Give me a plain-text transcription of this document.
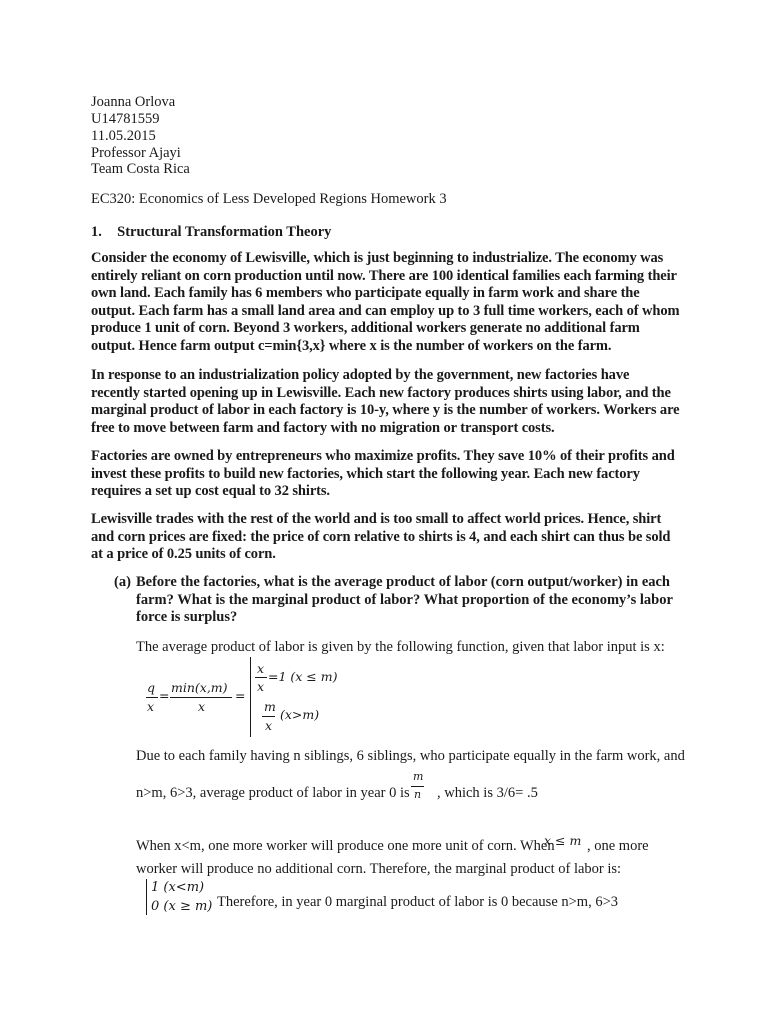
Joanna Orlova
U14781559
11.05.2015
Professor Ajayi
Team Costa Rica
EC320: Economics of Less Developed Regions Homework 3
1. Structural Transformation Theory

Consider the economy of Lewisville, which is just beginning to industrialize. The economy was entirely reliant on corn production until now. There are 100 identical families each farming their own land. Each family has 6 members who participate equally in farm work and share the output. Each farm has a small land area and can employ up to 3 full time workers, each of whom produce 1 unit of corn. Beyond 3 workers, additional workers generate no additional farm output. Hence farm output c=min{3,x} where x is the number of workers on the farm.

In response to an industrialization policy adopted by the government, new factories have recently started opening up in Lewisville. Each new factory produces shirts using labor, and the marginal product of labor in each factory is 10-y, where y is the number of workers. Workers are free to move between farm and factory with no migration or transport costs.

Factories are owned by entrepreneurs who maximize profits. They save 10% of their profits and invest these profits to build new factories, which start the following year. Each new factory requires a set up cost equal to 32 shirts.

Lewisville trades with the rest of the world and is too small to affect world prices. Hence, shirt and corn prices are fixed: the price of corn relative to shirts is 4, and each shirt can thus be sold at a price of 0.25 units of corn.

(a) Before the factories, what is the average product of labor (corn output/worker) in each farm? What is the marginal product of labor? What proportion of the economy’s labor force is surplus?

The average product of labor is given by the following function, given that labor input is x:
q
x
=
min(x,m)
x
=
x
x
=1 (x ≤ m)
m
x
(x>m)
Due to each family having n siblings, 6 siblings, who participate equally in the farm work, and
n>m, 6>3, average product of labor in year 0 is
m
n , which is 3/6= .5
When x<m, one more worker will produce one more unit of corn. When
x ≤ m , one more
worker will produce no additional corn. Therefore, the marginal product of labor is:
1 (x<m)
0 (x ≥ m) Therefore, in year 0 marginal product of labor is 0 because n>m, 6>3
